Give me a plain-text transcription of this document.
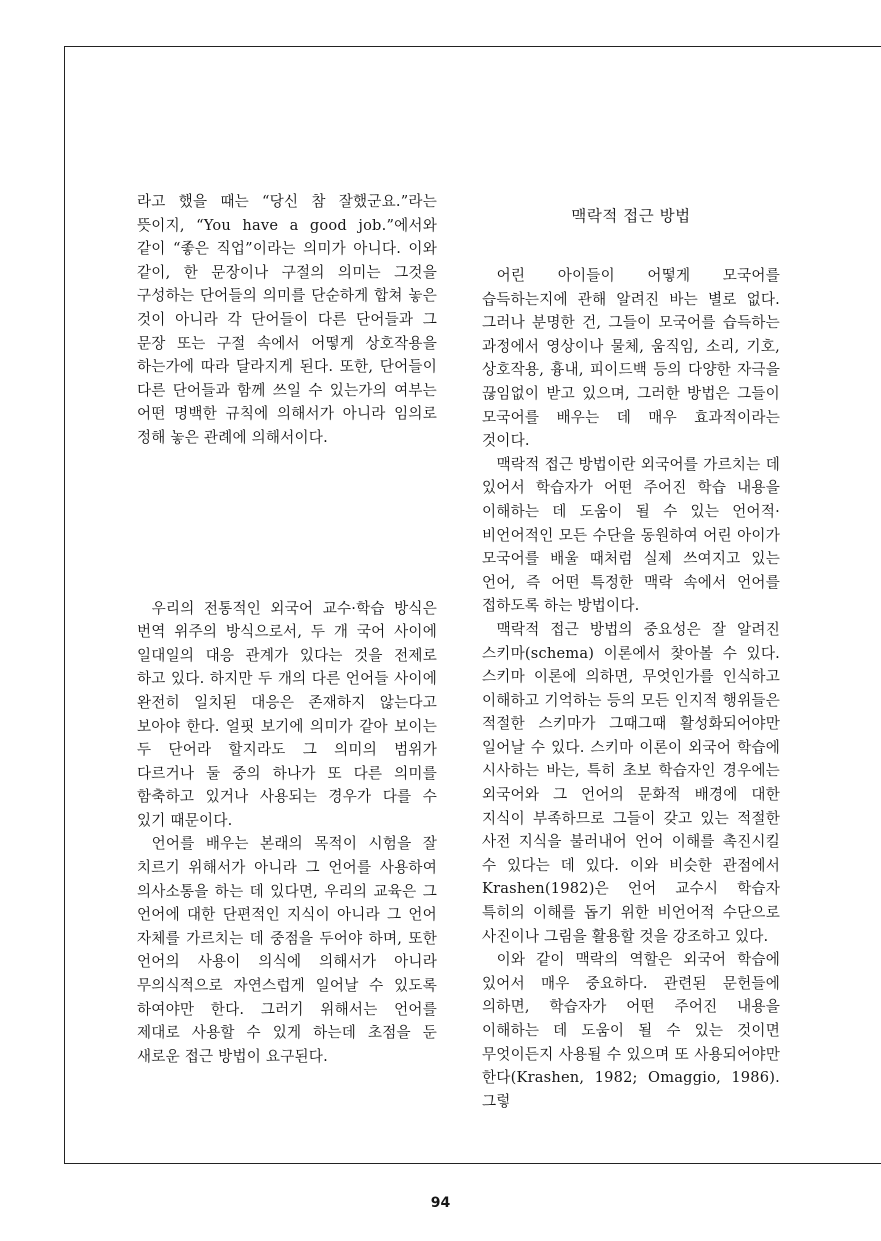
라고 했을 때는 “당신 참 잘했군요.”라는 뜻이지, “You have a good job.”에서와 같이 “좋은 직업”이라는 의미가 아니다. 이와 같이, 한 문장이나 구절의 의미는 그것을 구성하는 단어들의 의미를 단순하게 합쳐 놓은 것이 아니라 각 단어들이 다른 단어들과 그 문장 또는 구절 속에서 어떻게 상호작용을 하는가에 따라 달라지게 된다. 또한, 단어들이 다른 단어들과 함께 쓰일 수 있는가의 여부는 어떤 명백한 규칙에 의해서가 아니라 임의로 정해 놓은 관례에 의해서이다.

우리의 전통적인 외국어 교수·학습 방식은 번역 위주의 방식으로서, 두 개 국어 사이에 일대일의 대응 관계가 있다는 것을 전제로 하고 있다. 하지만 두 개의 다른 언어들 사이에 완전히 일치된 대응은 존재하지 않는다고 보아야 한다. 얼핏 보기에 의미가 같아 보이는 두 단어라 할지라도 그 의미의 범위가 다르거나 둘 중의 하나가 또 다른 의미를 함축하고 있거나 사용되는 경우가 다를 수 있기 때문이다.

언어를 배우는 본래의 목적이 시험을 잘 치르기 위해서가 아니라 그 언어를 사용하여 의사소통을 하는 데 있다면, 우리의 교육은 그 언어에 대한 단편적인 지식이 아니라 그 언어 자체를 가르치는 데 중점을 두어야 하며, 또한 언어의 사용이 의식에 의해서가 아니라 무의식적으로 자연스럽게 일어날 수 있도록 하여야만 한다. 그러기 위해서는 언어를 제대로 사용할 수 있게 하는데 초점을 둔 새로운 접근 방법이 요구된다.

맥락적 접근 방법

어린 아이들이 어떻게 모국어를 습득하는지에 관해 알려진 바는 별로 없다. 그러나 분명한 건, 그들이 모국어를 습득하는 과정에서 영상이나 물체, 움직임, 소리, 기호, 상호작용, 흉내, 피이드백 등의 다양한 자극을 끊임없이 받고 있으며, 그러한 방법은 그들이 모국어를 배우는 데 매우 효과적이라는 것이다.

맥락적 접근 방법이란 외국어를 가르치는 데 있어서 학습자가 어떤 주어진 학습 내용을 이해하는 데 도움이 될 수 있는 언어적·비언어적인 모든 수단을 동원하여 어린 아이가 모국어를 배울 때처럼 실제 쓰여지고 있는 언어, 즉 어떤 특정한 맥락 속에서 언어를 접하도록 하는 방법이다.

맥락적 접근 방법의 중요성은 잘 알려진 스키마(schema) 이론에서 찾아볼 수 있다. 스키마 이론에 의하면, 무엇인가를 인식하고 이해하고 기억하는 등의 모든 인지적 행위들은 적절한 스키마가 그때그때 활성화되어야만 일어날 수 있다. 스키마 이론이 외국어 학습에 시사하는 바는, 특히 초보 학습자인 경우에는 외국어와 그 언어의 문화적 배경에 대한 지식이 부족하므로 그들이 갖고 있는 적절한 사전 지식을 불러내어 언어 이해를 촉진시킬 수 있다는 데 있다. 이와 비슷한 관점에서 Krashen(1982)은 언어 교수시 학습자 특히의 이해를 돕기 위한 비언어적 수단으로 사진이나 그림을 활용할 것을 강조하고 있다.

이와 같이 맥락의 역할은 외국어 학습에 있어서 매우 중요하다. 관련된 문헌들에 의하면, 학습자가 어떤 주어진 내용을 이해하는 데 도움이 될 수 있는 것이면 무엇이든지 사용될 수 있으며 또 사용되어야만 한다(Krashen, 1982; Omaggio, 1986). 그렇

94
